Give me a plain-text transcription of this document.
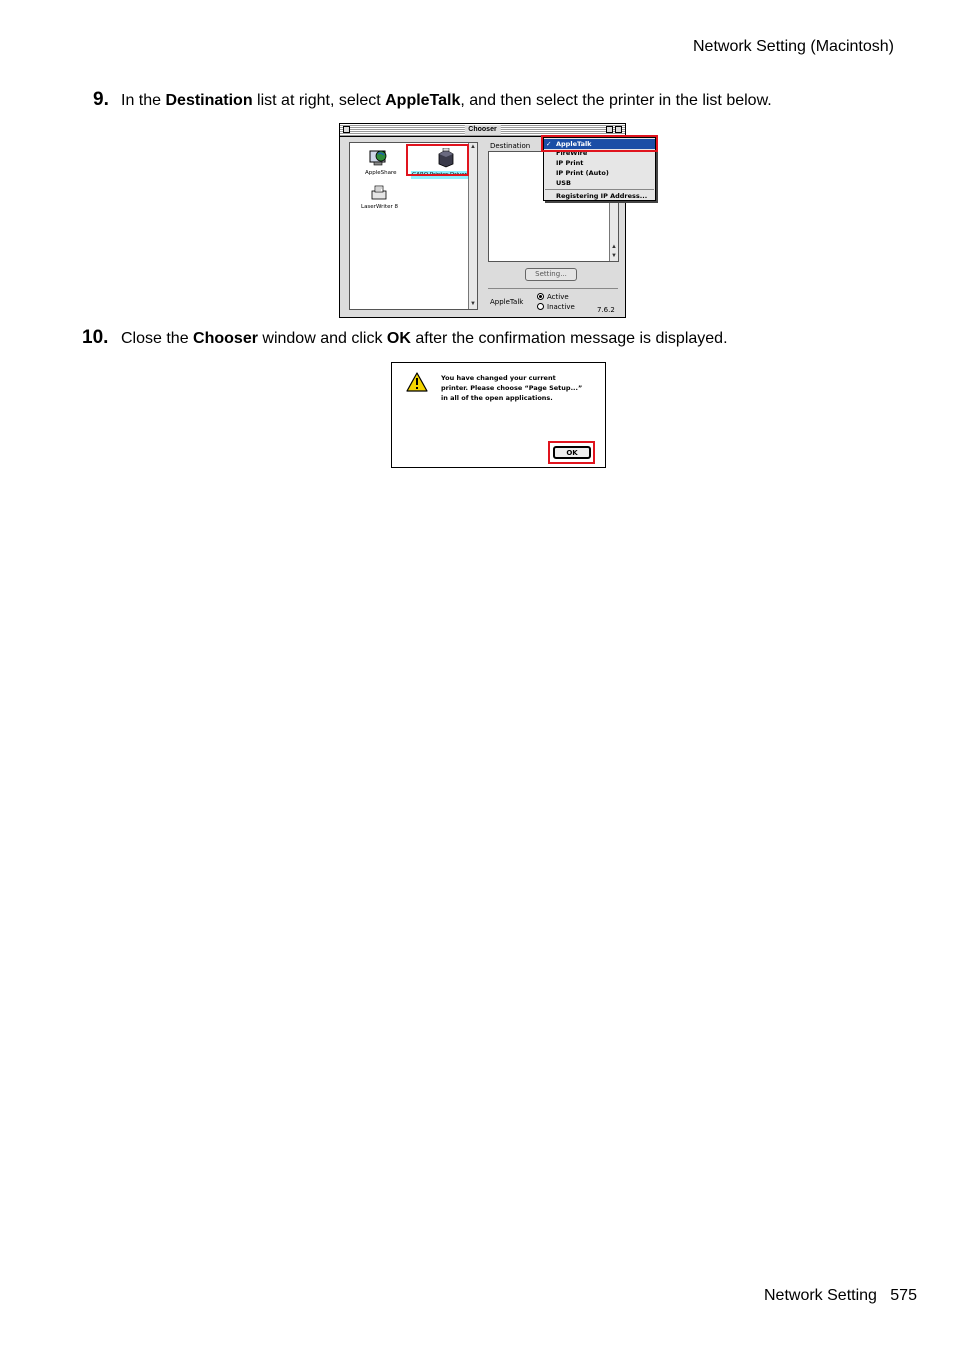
Network Setting (Macintosh)
9. In the Destination list at right, select AppleTalk, and then select the printer in the list below.
Chooser
▲
▼
AppleShare	GARO Printer Driver
LaserWriter 8
Destination
▲
▼
Setting...
AppleTalk
Active
Inactive	7.6.2
✓ AppleTalk
FireWire
IP Print
IP Print (Auto)
USB
Registering IP Address...
10. Close the Chooser window and click OK after the confirmation message is displayed.
You have changed your current
printer. Please choose “Page Setup...”
in all of the open applications.
OK
Network Setting 575
